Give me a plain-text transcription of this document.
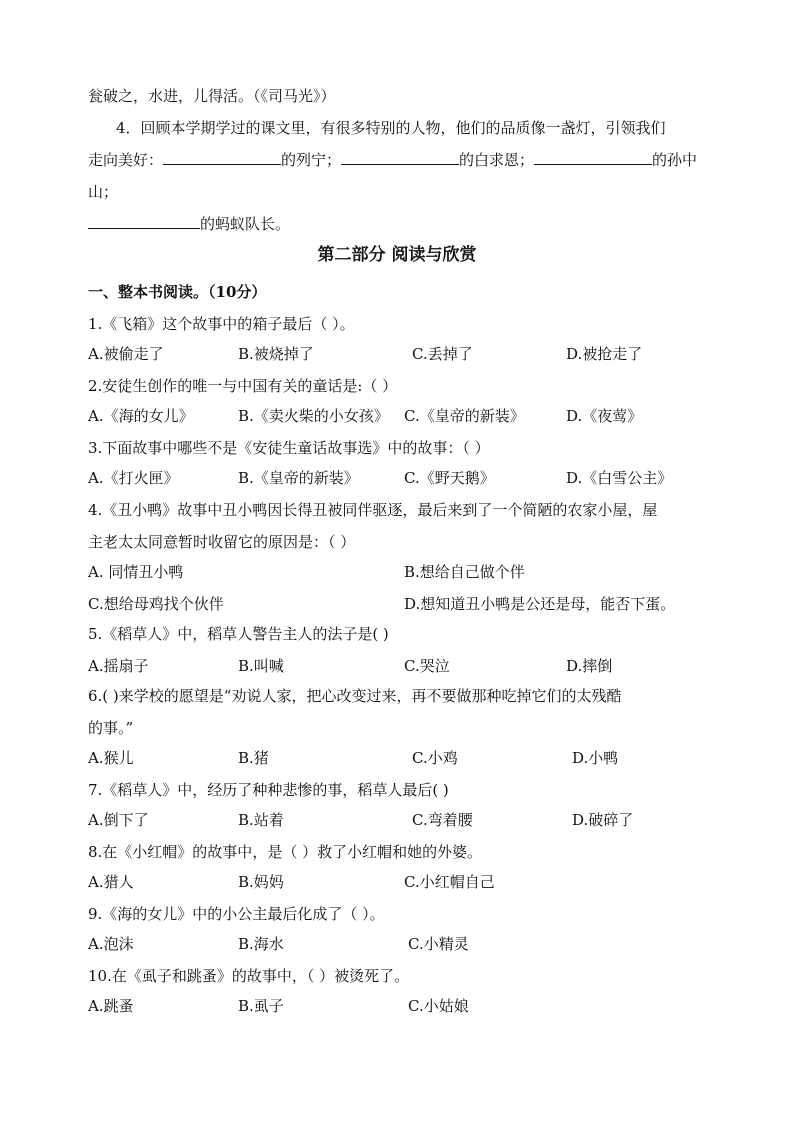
瓮破之，水进，儿得活。（《司马光》）
4．回顾本学期学过的课文里，有很多特别的人物，他们的品质像一盏灯，引领我们
走向美好：	的列宁；	的白求恩；	的孙中
山；
的蚂蚁队长。
第二部分 阅读与欣赏
一、整本书阅读。（10分）
1.《飞箱》这个故事中的箱子最后（ ）。
A.被偷走了	B.被烧掉了	C.丢掉了	D.被抢走了
2.安徒生创作的唯一与中国有关的童话是:（ ）
A.《海的女儿》	B.《卖火柴的小女孩》 C.《皇帝的新装》	D.《夜莺》
3.下面故事中哪些不是《安徒生童话故事选》中的故事：（ ）
A.《打火匣》	B.《皇帝的新装》	C.《野天鹅》	D.《白雪公主》
4.《丑小鸭》故事中丑小鸭因长得丑被同伴驱逐，最后来到了一个简陋的农家小屋，屋
主老太太同意暂时收留它的原因是：（ ）
A. 同情丑小鸭	B.想给自己做个伴
C.想给母鸡找个伙伴	D.想知道丑小鸭是公还是母，能否下蛋。
5.《稻草人》中，稻草人警告主人的法子是( )
A.摇扇子	B.叫喊	C.哭泣	D.摔倒
6.( )来学校的愿望是“劝说人家，把心改变过来，再不要做那种吃掉它们的太残酷
的事。”
A.猴儿	B.猪	C.小鸡	D.小鸭
7.《稻草人》中，经历了种种悲惨的事，稻草人最后( )
A.倒下了	B.站着	C.弯着腰	D.破碎了
8.在《小红帽》的故事中，是（ ）救了小红帽和她的外婆。
A.猎人	B.妈妈	C.小红帽自己
9.《海的女儿》中的小公主最后化成了（ ）。
A.泡沫	B.海水	C.小精灵
10.在《虱子和跳蚤》的故事中，（ ）被烫死了。
A.跳蚤	B.虱子	C.小姑娘
